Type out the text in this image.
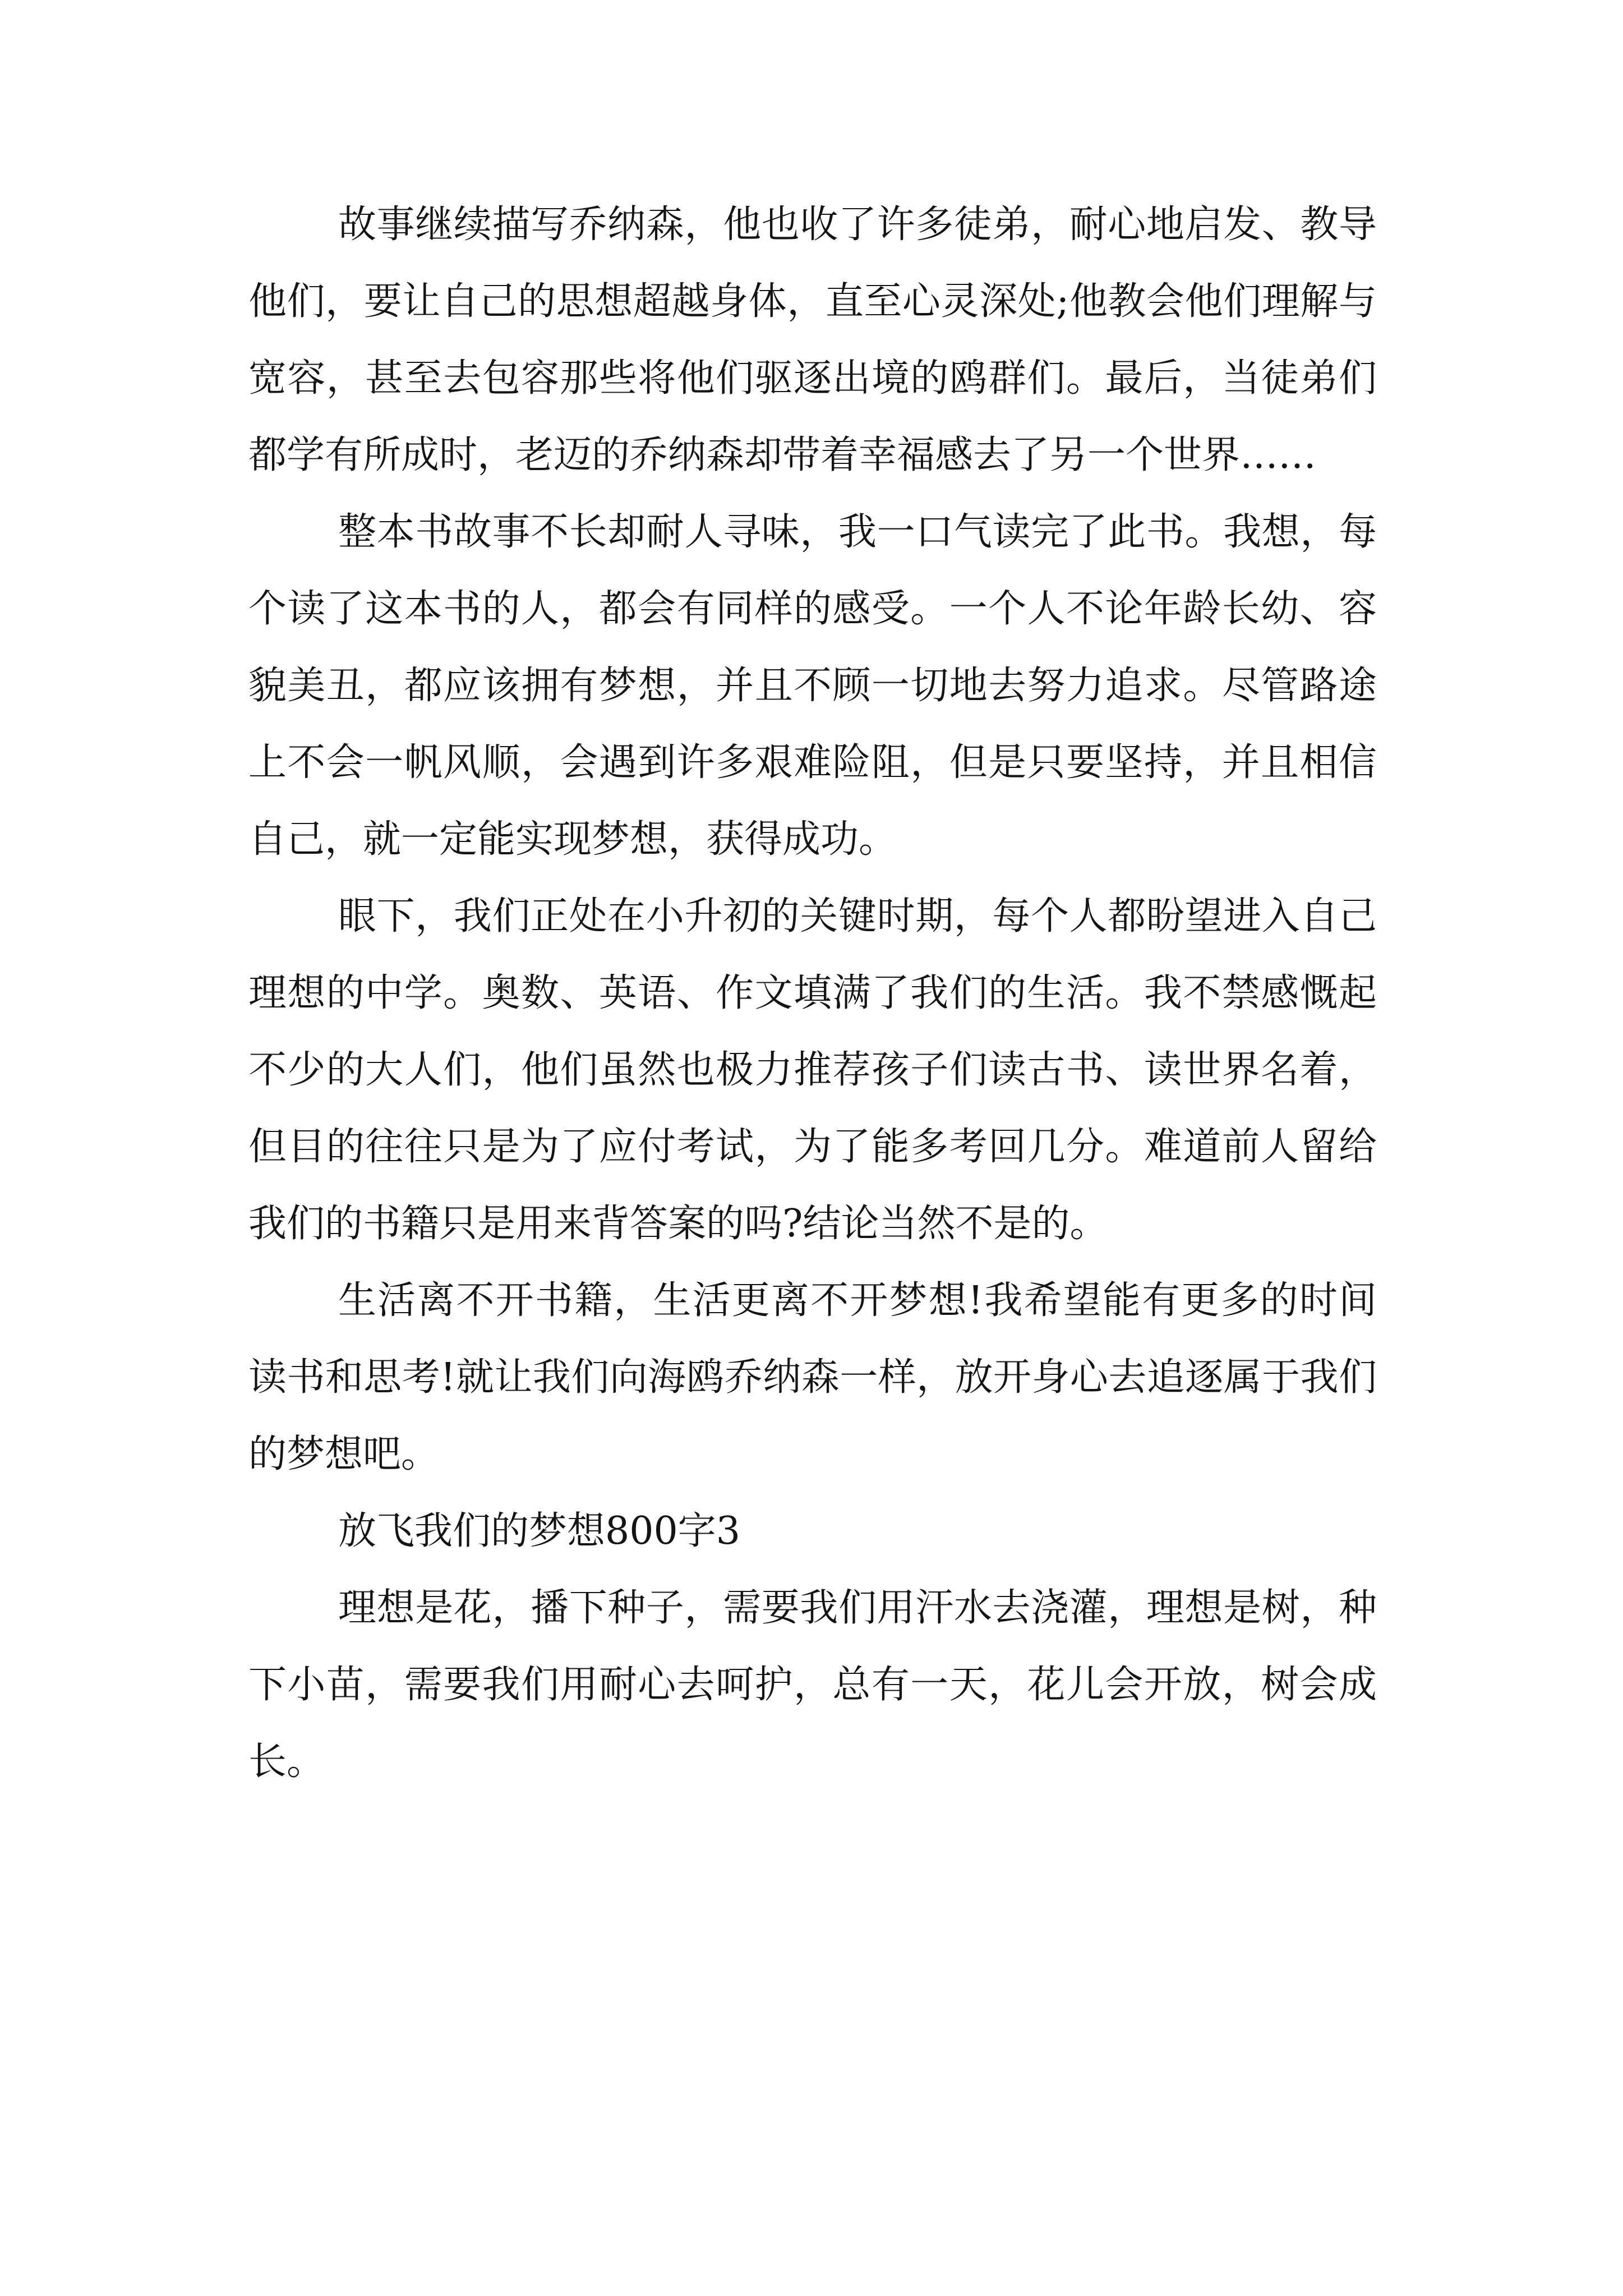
故事继续描写乔纳森，他也收了许多徒弟，耐心地启发、教导他们，要让自己的思想超越身体，直至心灵深处;他教会他们理解与宽容，甚至去包容那些将他们驱逐出境的鸥群们。最后，当徒弟们都学有所成时，老迈的乔纳森却带着幸福感去了另一个世界……

整本书故事不长却耐人寻味，我一口气读完了此书。我想，每个读了这本书的人，都会有同样的感受。一个人不论年龄长幼、容貌美丑，都应该拥有梦想，并且不顾一切地去努力追求。尽管路途上不会一帆风顺，会遇到许多艰难险阻，但是只要坚持，并且相信自己，就一定能实现梦想，获得成功。

眼下，我们正处在小升初的关键时期，每个人都盼望进入自己理想的中学。奥数、英语、作文填满了我们的生活。我不禁感慨起不少的大人们，他们虽然也极力推荐孩子们读古书、读世界名着，但目的往往只是为了应付考试，为了能多考回几分。难道前人留给我们的书籍只是用来背答案的吗?结论当然不是的。

生活离不开书籍，生活更离不开梦想!我希望能有更多的时间读书和思考!就让我们向海鸥乔纳森一样，放开身心去追逐属于我们的梦想吧。

放飞我们的梦想800字3

理想是花，播下种子，需要我们用汗水去浇灌，理想是树，种下小苗，需要我们用耐心去呵护，总有一天，花儿会开放，树会成长。
